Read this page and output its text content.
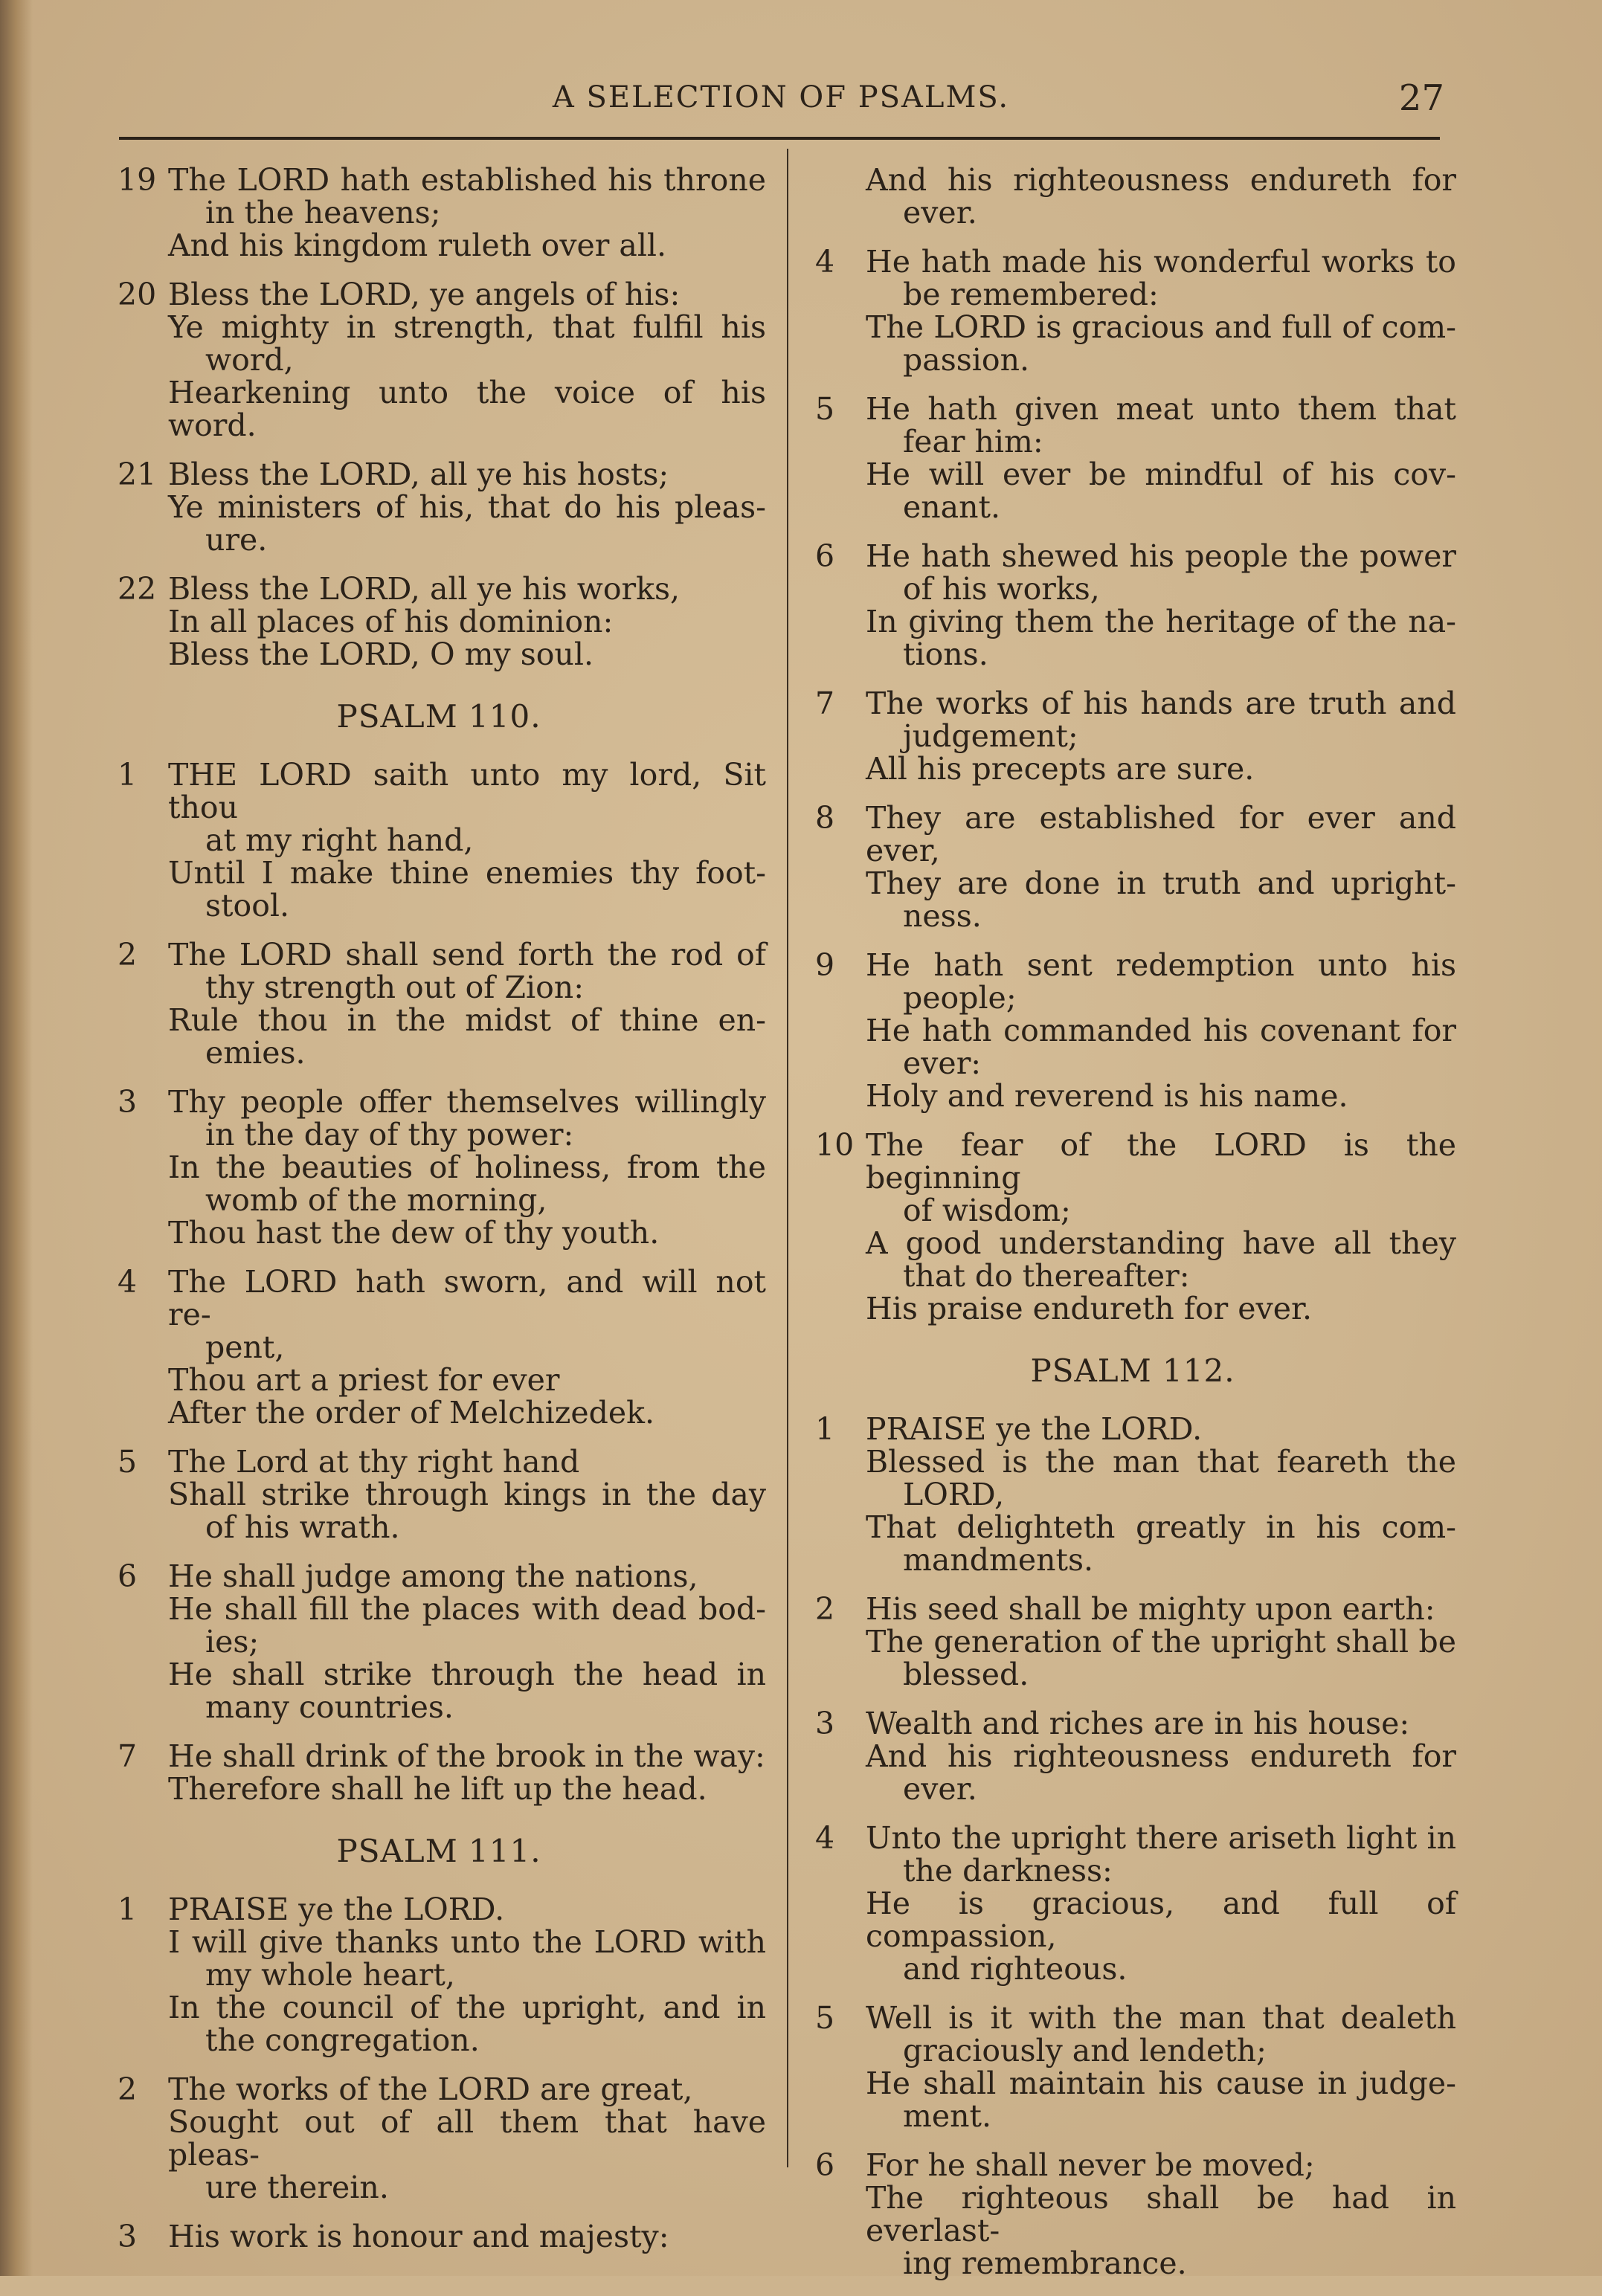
A SELECTION OF PSALMS.	27
19 The LORD hath established his throne
in the heavens;
And his kingdom ruleth over all.
20 Bless the LORD, ye angels of his:
Ye mighty in strength, that fulfil his
word,
Hearkening unto the voice of his word.
21 Bless the LORD, all ye his hosts;
Ye ministers of his, that do his pleas-
ure.
22 Bless the LORD, all ye his works,
In all places of his dominion:
Bless the LORD, O my soul.
PSALM 110.
1 THE LORD saith unto my lord, Sit thou
at my right hand,
Until I make thine enemies thy foot-
stool.
2 The LORD shall send forth the rod of
thy strength out of Zion:
Rule thou in the midst of thine en-
emies.
3 Thy people offer themselves willingly
in the day of thy power:
In the beauties of holiness, from the
womb of the morning,
Thou hast the dew of thy youth.
4 The LORD hath sworn, and will not re-
pent,
Thou art a priest for ever
After the order of Melchizedek.
5 The Lord at thy right hand
Shall strike through kings in the day
of his wrath.
6 He shall judge among the nations,
He shall fill the places with dead bod-
ies;
He shall strike through the head in
many countries.
7 He shall drink of the brook in the way:
Therefore shall he lift up the head.
PSALM 111.
1 PRAISE ye the LORD.
I will give thanks unto the LORD with
my whole heart,
In the council of the upright, and in
the congregation.
2 The works of the LORD are great,
Sought out of all them that have pleas-
ure therein.
3 His work is honour and majesty:
And his righteousness endureth for
ever.
4 He hath made his wonderful works to
be remembered:
The LORD is gracious and full of com-
passion.
5 He hath given meat unto them that
fear him:
He will ever be mindful of his cov-
enant.
6 He hath shewed his people the power
of his works,
In giving them the heritage of the na-
tions.
7 The works of his hands are truth and
judgement;
All his precepts are sure.
8 They are established for ever and ever,
They are done in truth and upright-
ness.
9 He hath sent redemption unto his
people;
He hath commanded his covenant for
ever:
Holy and reverend is his name.
10 The fear of the LORD is the beginning
of wisdom;
A good understanding have all they
that do thereafter:
His praise endureth for ever.
PSALM 112.
1 PRAISE ye the LORD.
Blessed is the man that feareth the
LORD,
That delighteth greatly in his com-
mandments.
2 His seed shall be mighty upon earth:
The generation of the upright shall be
blessed.
3 Wealth and riches are in his house:
And his righteousness endureth for
ever.
4 Unto the upright there ariseth light in
the darkness:
He is gracious, and full of compassion,
and righteous.
5 Well is it with the man that dealeth
graciously and lendeth;
He shall maintain his cause in judge-
ment.
6 For he shall never be moved;
The righteous shall be had in everlast-
ing remembrance.
